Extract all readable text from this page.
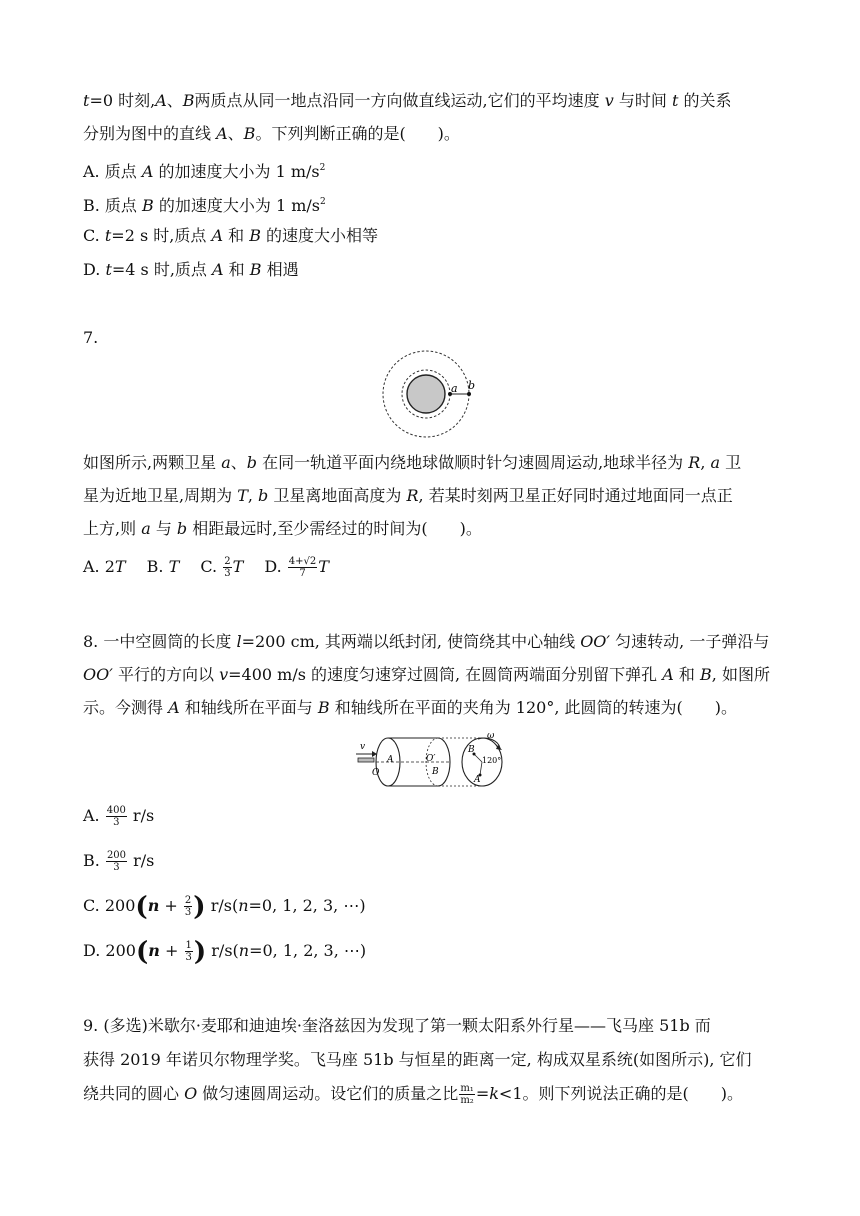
t=0 时刻,A、B两质点从同一地点沿同一方向做直线运动,它们的平均速度 v 与时间 t 的关系
分别为图中的直线 A、B。下列判断正确的是(　　)。
A. 质点 A 的加速度大小为 1 $m/s^2$
B. 质点 B 的加速度大小为 1 $m/s^2$
C. t=2 s 时,质点 A 和 B 的速度大小相等
D. t=4 s 时,质点 A 和 B 相遇
7.
a b
如图所示,两颗卫星 a、b 在同一轨道平面内绕地球做顺时针匀速圆周运动,地球半径为 R, a 卫
星为近地卫星,周期为 T, b 卫星离地面高度为 R, 若某时刻两卫星正好同时通过地面同一点正
上方,则 a 与 b 相距最远时,至少需经过的时间为(　　)。
A. 2T B. T C. $\frac{2}{3}$ T D. $\frac{4+√2}{7}$ T
8. 一中空圆筒的长度 l=200 cm, 其两端以纸封闭, 使筒绕其中心轴线 OO′ 匀速转动, 一子弹沿与
OO′ 平行的方向以 v=400 m/s 的速度匀速穿过圆筒, 在圆筒两端面分别留下弹孔 A 和 B, 如图所
示。今测得 A 和轴线所在平面与 B 和轴线所在平面的夹角为 120°, 此圆筒的转速为(　　)。
v
O
A	O′
B
B
120°
A
ω
A. $\frac{400}{3} r/s$
B. $\frac{200}{3} r/s$
C. $200(n + \frac{2}{3}$ ) r/s(n=0, 1, 2, 3, ⋯)
D. $200(n + \frac{1}{3}$ ) r/s(n=0, 1, 2, 3, ⋯)
9. (多选)米歇尔·麦耶和迪迪埃·奎洛兹因为发现了第一颗太阳系外行星——飞马座 51b 而
获得 2019 年诺贝尔物理学奖。飞马座 51b 与恒星的距离一定, 构成双星系统(如图所示), 它们
绕共同的圆心 O 做匀速圆周运动。设它们的质量之比 $\frac{\text{m₁}}{\text{m₂}} =k<1$。则下列说法正确的是(　　)。
